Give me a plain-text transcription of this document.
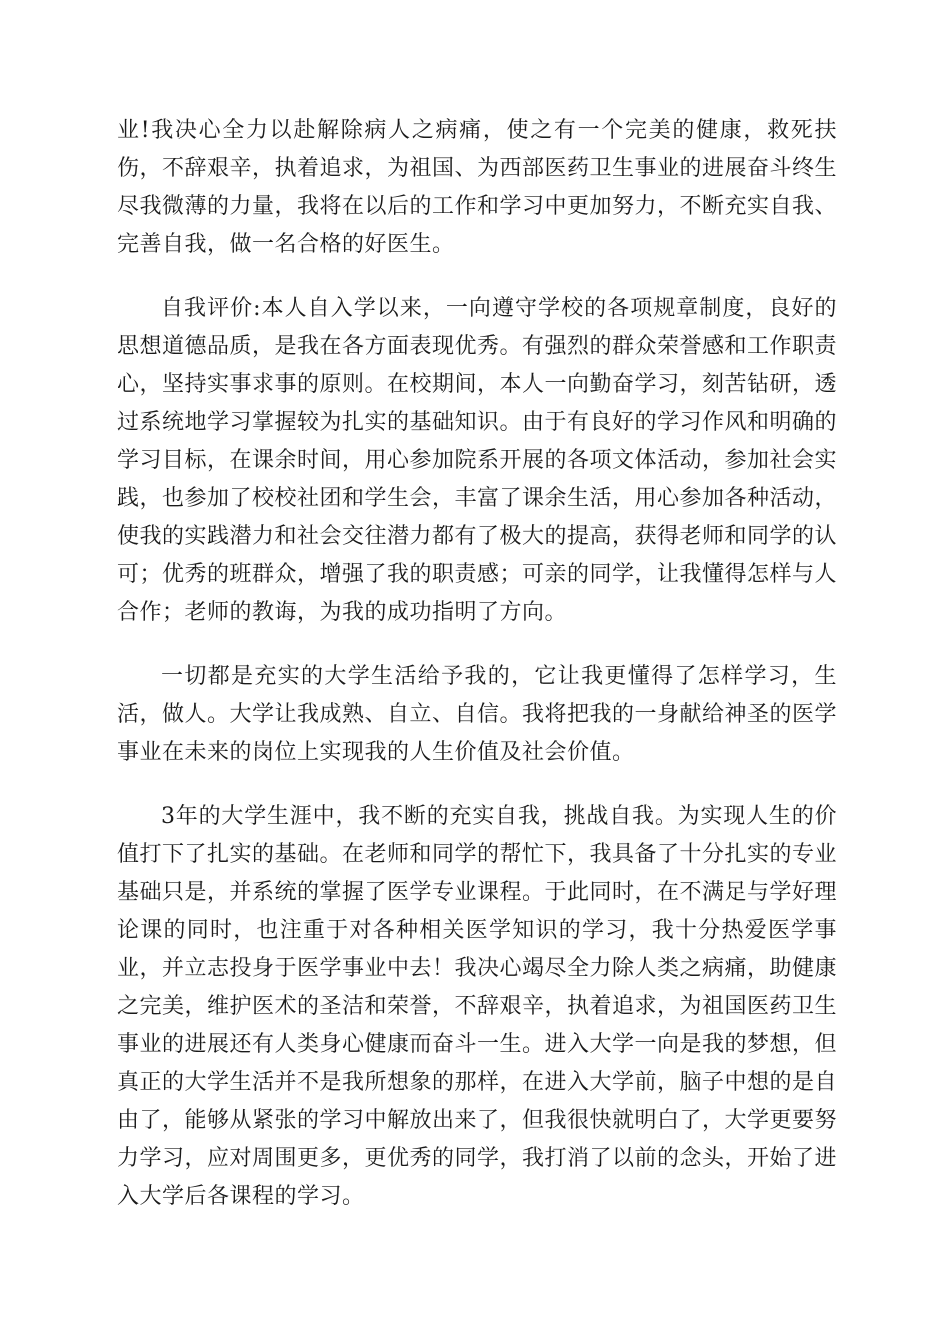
业!我决心全力以赴解除病人之病痛，使之有一个完美的健康，救死扶伤，不辞艰辛，执着追求，为祖国、为西部医药卫生事业的进展奋斗终生尽我微薄的力量，我将在以后的工作和学习中更加努力，不断充实自我、完善自我，做一名合格的好医生。

自我评价:本人自入学以来，一向遵守学校的各项规章制度，良好的思想道德品质，是我在各方面表现优秀。有强烈的群众荣誉感和工作职责心，坚持实事求事的原则。在校期间，本人一向勤奋学习，刻苦钻研，透过系统地学习掌握较为扎实的基础知识。由于有良好的学习作风和明确的学习目标，在课余时间，用心参加院系开展的各项文体活动，参加社会实践，也参加了校校社团和学生会，丰富了课余生活，用心参加各种活动，使我的实践潜力和社会交往潜力都有了极大的提高，获得老师和同学的认可；优秀的班群众，增强了我的职责感；可亲的同学，让我懂得怎样与人合作；老师的教诲，为我的成功指明了方向。

一切都是充实的大学生活给予我的，它让我更懂得了怎样学习，生活，做人。大学让我成熟、自立、自信。我将把我的一身献给神圣的医学事业在未来的岗位上实现我的人生价值及社会价值。

3年的大学生涯中，我不断的充实自我，挑战自我。为实现人生的价值打下了扎实的基础。在老师和同学的帮忙下，我具备了十分扎实的专业基础只是，并系统的掌握了医学专业课程。于此同时，在不满足与学好理论课的同时，也注重于对各种相关医学知识的学习，我十分热爱医学事业，并立志投身于医学事业中去！我决心竭尽全力除人类之病痛，助健康之完美，维护医术的圣洁和荣誉，不辞艰辛，执着追求，为祖国医药卫生事业的进展还有人类身心健康而奋斗一生。进入大学一向是我的梦想，但真正的大学生活并不是我所想象的那样，在进入大学前，脑子中想的是自由了，能够从紧张的学习中解放出来了，但我很快就明白了，大学更要努力学习，应对周围更多，更优秀的同学，我打消了以前的念头，开始了进入大学后各课程的学习。
